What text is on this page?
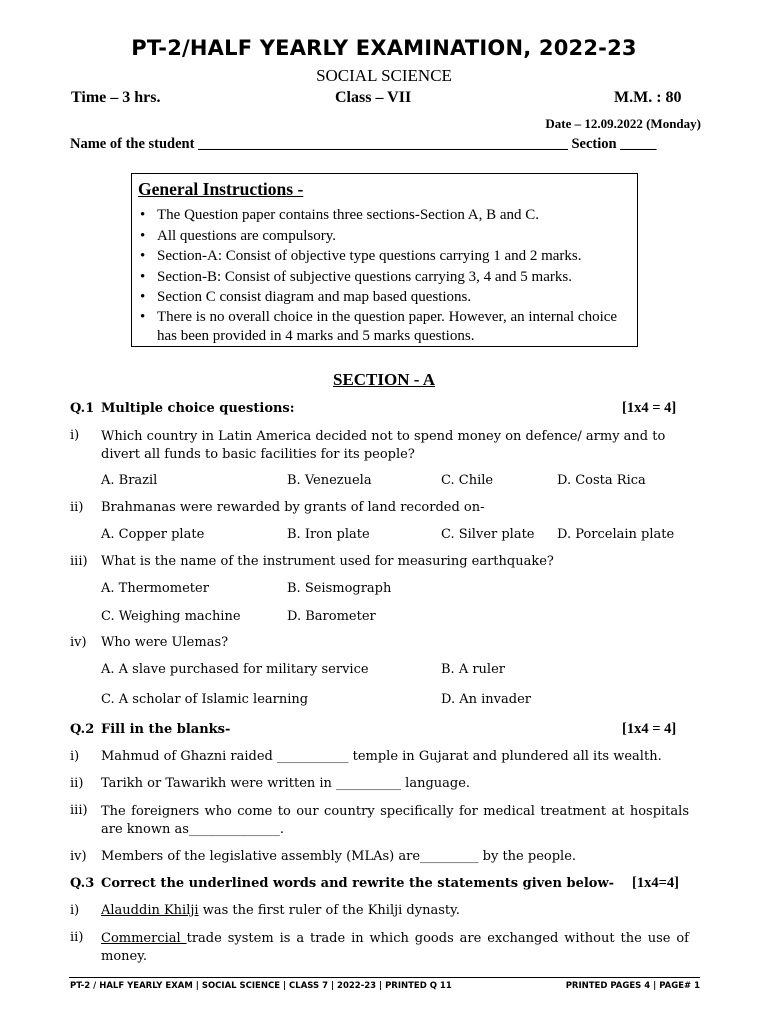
PT-2/HALF YEARLY EXAMINATION, 2022-23
SOCIAL SCIENCE
Time – 3 hrs.	Class – VII	M.M. : 80
Date – 12.09.2022 (Monday)
Name of the student ___________________________________________________ Section _____
General Instructions -
• The Question paper contains three sections-Section A, B and C.
• All questions are compulsory.
• Section-A: Consist of objective type questions carrying 1 and 2 marks.
• Section-B: Consist of subjective questions carrying 3, 4 and 5 marks.
• Section C consist diagram and map based questions.
• There is no overall choice in the question paper. However, an internal choice has been provided in 4 marks and 5 marks questions.
SECTION - A
Q.1 Multiple choice questions:	[1x4 = 4]
i) Which country in Latin America decided not to spend money on defence/ army and to divert all funds to basic facilities for its people?
A. Brazil	B. Venezuela	C. Chile	D. Costa Rica
ii) Brahmanas were rewarded by grants of land recorded on-
A. Copper plate	B. Iron plate	C. Silver plate D. Porcelain plate
iii) What is the name of the instrument used for measuring earthquake?
A. Thermometer	B. Seismograph
C. Weighing machine	D. Barometer
iv) Who were Ulemas?
A. A slave purchased for military service	B. A ruler
C. A scholar of Islamic learning	D. An invader
Q.2 Fill in the blanks-	[1x4 = 4]
i) Mahmud of Ghazni raided ___________ temple in Gujarat and plundered all its wealth.
ii) Tarikh or Tawarikh were written in __________ language.
iii) The foreigners who come to our country specifically for medical treatment at hospitals are known as______________.
iv) Members of the legislative assembly (MLAs) are_________ by the people.
Q.3 Correct the underlined words and rewrite the statements given below- [1x4=4]
i) Alauddin Khilji was the first ruler of the Khilji dynasty.
ii) Commercial trade system is a trade in which goods are exchanged without the use of money.
PT-2 / HALF YEARLY EXAM | SOCIAL SCIENCE | CLASS 7 | 2022-23 | PRINTED Q 11	PRINTED PAGES 4 | PAGE# 1
